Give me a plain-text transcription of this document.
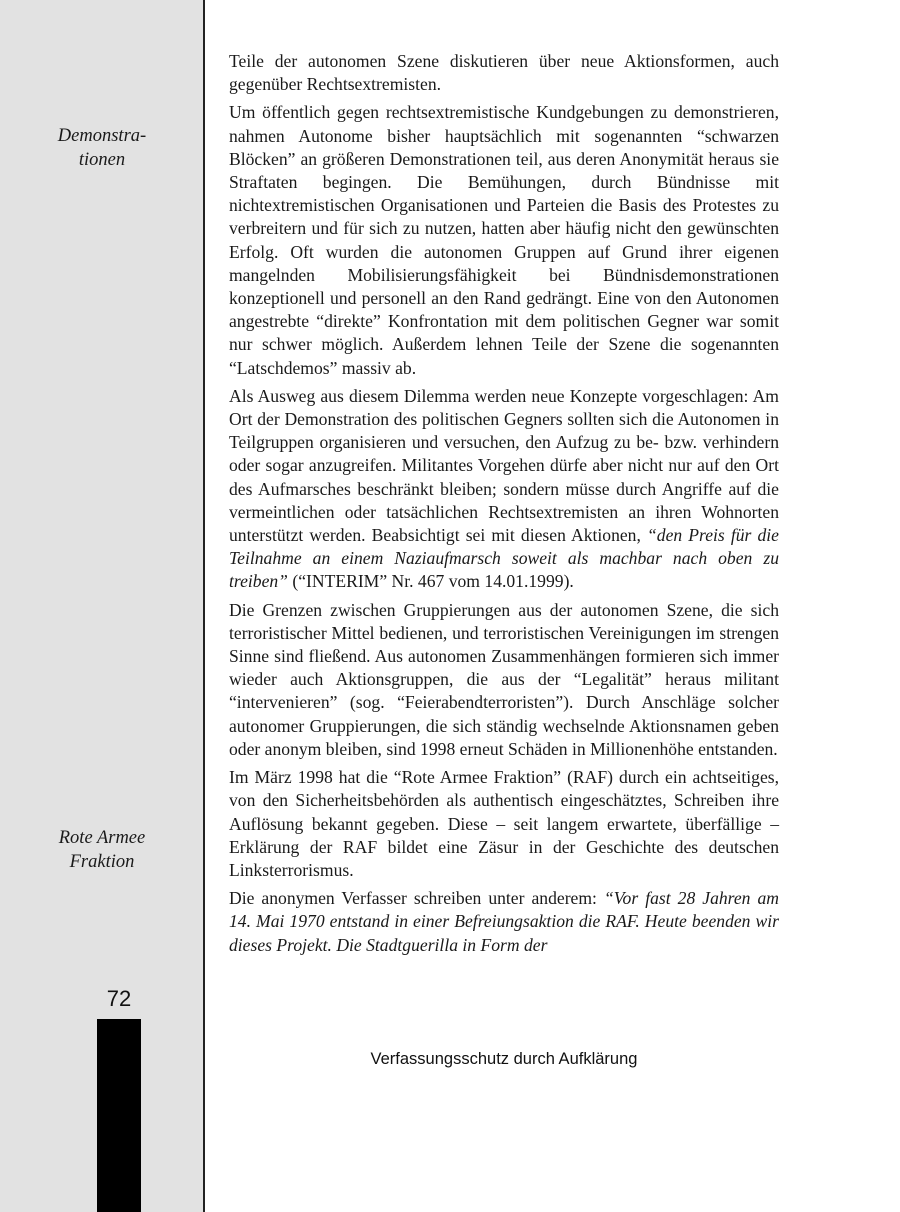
Demonstra-
tionen
Rote Armee
Fraktion
72

Teile der autonomen Szene diskutieren über neue Aktionsformen, auch gegenüber Rechtsextremisten.

Um öffentlich gegen rechtsextremistische Kundgebungen zu demonstrieren, nahmen Autonome bisher hauptsächlich mit sogenannten “schwarzen Blöcken” an größeren Demonstrationen teil, aus deren Anonymität heraus sie Straftaten begingen. Die Bemühungen, durch Bündnisse mit nichtextremistischen Organisationen und Parteien die Basis des Protestes zu verbreitern und für sich zu nutzen, hatten aber häufig nicht den gewünschten Erfolg. Oft wurden die autonomen Gruppen auf Grund ihrer eigenen mangelnden Mobilisierungsfähigkeit bei Bündnisdemonstrationen konzeptionell und personell an den Rand gedrängt. Eine von den Autonomen angestrebte “direkte” Konfrontation mit dem politischen Gegner war somit nur schwer möglich. Außerdem lehnen Teile der Szene die sogenannten “Latschdemos” massiv ab.

Als Ausweg aus diesem Dilemma werden neue Konzepte vorgeschlagen: Am Ort der Demonstration des politischen Gegners sollten sich die Autonomen in Teilgruppen organisieren und versuchen, den Aufzug zu be- bzw. verhindern oder sogar anzugreifen. Militantes Vorgehen dürfe aber nicht nur auf den Ort des Aufmarsches beschränkt bleiben; sondern müsse durch Angriffe auf die vermeintlichen oder tatsächlichen Rechtsextremisten an ihren Wohnorten unterstützt werden. Beabsichtigt sei mit diesen Aktionen, “den Preis für die Teilnahme an einem Naziaufmarsch soweit als machbar nach oben zu treiben” (“INTERIM” Nr. 467 vom 14.01.1999).

Die Grenzen zwischen Gruppierungen aus der autonomen Szene, die sich terroristischer Mittel bedienen, und terroristischen Vereinigungen im strengen Sinne sind fließend. Aus autonomen Zusammenhängen formieren sich immer wieder auch Aktionsgruppen, die aus der “Legalität” heraus militant “intervenieren” (sog. “Feierabendterroristen”). Durch Anschläge solcher autonomer Gruppierungen, die sich ständig wechselnde Aktionsnamen geben oder anonym bleiben, sind 1998 erneut Schäden in Millionenhöhe entstanden.

Im März 1998 hat die “Rote Armee Fraktion” (RAF) durch ein achtseitiges, von den Sicherheitsbehörden als authentisch eingeschätztes, Schreiben ihre Auflösung bekannt gegeben. Diese – seit langem erwartete, überfällige – Erklärung der RAF bildet eine Zäsur in der Geschichte des deutschen Linksterrorismus.

Die anonymen Verfasser schreiben unter anderem: “Vor fast 28 Jahren am 14. Mai 1970 entstand in einer Befreiungsaktion die RAF. Heute beenden wir dieses Projekt. Die Stadtguerilla in Form der

Verfassungsschutz durch Aufklärung
